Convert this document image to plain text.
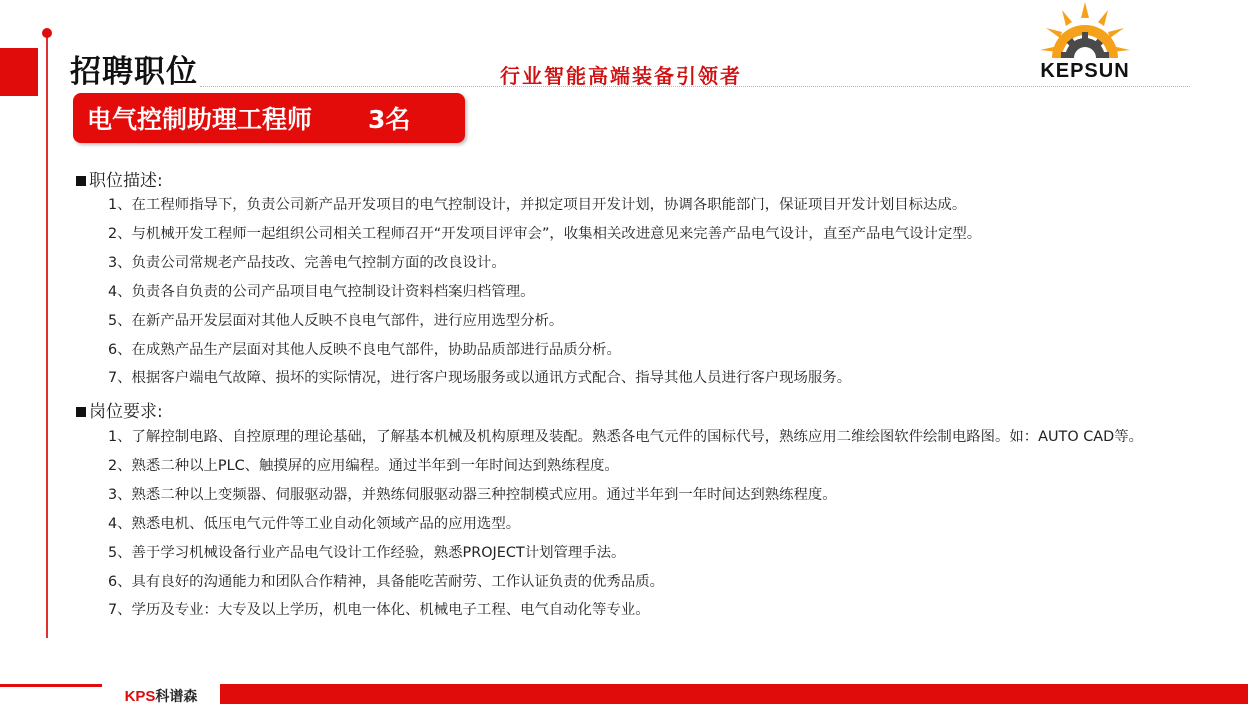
招聘职位	行业智能高端装备引领者	KEPSUN
电气控制助理工程师 3名
职位描述:
1、在工程师指导下，负责公司新产品开发项目的电气控制设计，并拟定项目开发计划，协调各职能部门，保证项目开发计划目标达成。
2、与机械开发工程师一起组织公司相关工程师召开“开发项目评审会”，收集相关改进意见来完善产品电气设计，直至产品电气设计定型。
3、负责公司常规老产品技改、完善电气控制方面的改良设计。
4、负责各自负责的公司产品项目电气控制设计资料档案归档管理。
5、在新产品开发层面对其他人反映不良电气部件，进行应用选型分析。
6、在成熟产品生产层面对其他人反映不良电气部件，协助品质部进行品质分析。
7、根据客户端电气故障、损坏的实际情况，进行客户现场服务或以通讯方式配合、指导其他人员进行客户现场服务。
岗位要求:
1、了解控制电路、自控原理的理论基础，了解基本机械及机构原理及装配。熟悉各电气元件的国标代号，熟练应用二维绘图软件绘制电路图。如：AUTO CAD等。
2、熟悉二种以上PLC、触摸屏的应用编程。通过半年到一年时间达到熟练程度。
3、熟悉二种以上变频器、伺服驱动器，并熟练伺服驱动器三种控制模式应用。通过半年到一年时间达到熟练程度。
4、熟悉电机、低压电气元件等工业自动化领域产品的应用选型。
5、善于学习机械设备行业产品电气设计工作经验，熟悉PROJECT计划管理手法。
6、具有良好的沟通能力和团队合作精神，具备能吃苦耐劳、工作认证负责的优秀品质。
7、学历及专业：大专及以上学历，机电一体化、机械电子工程、电气自动化等专业。
KPS 科谱森
